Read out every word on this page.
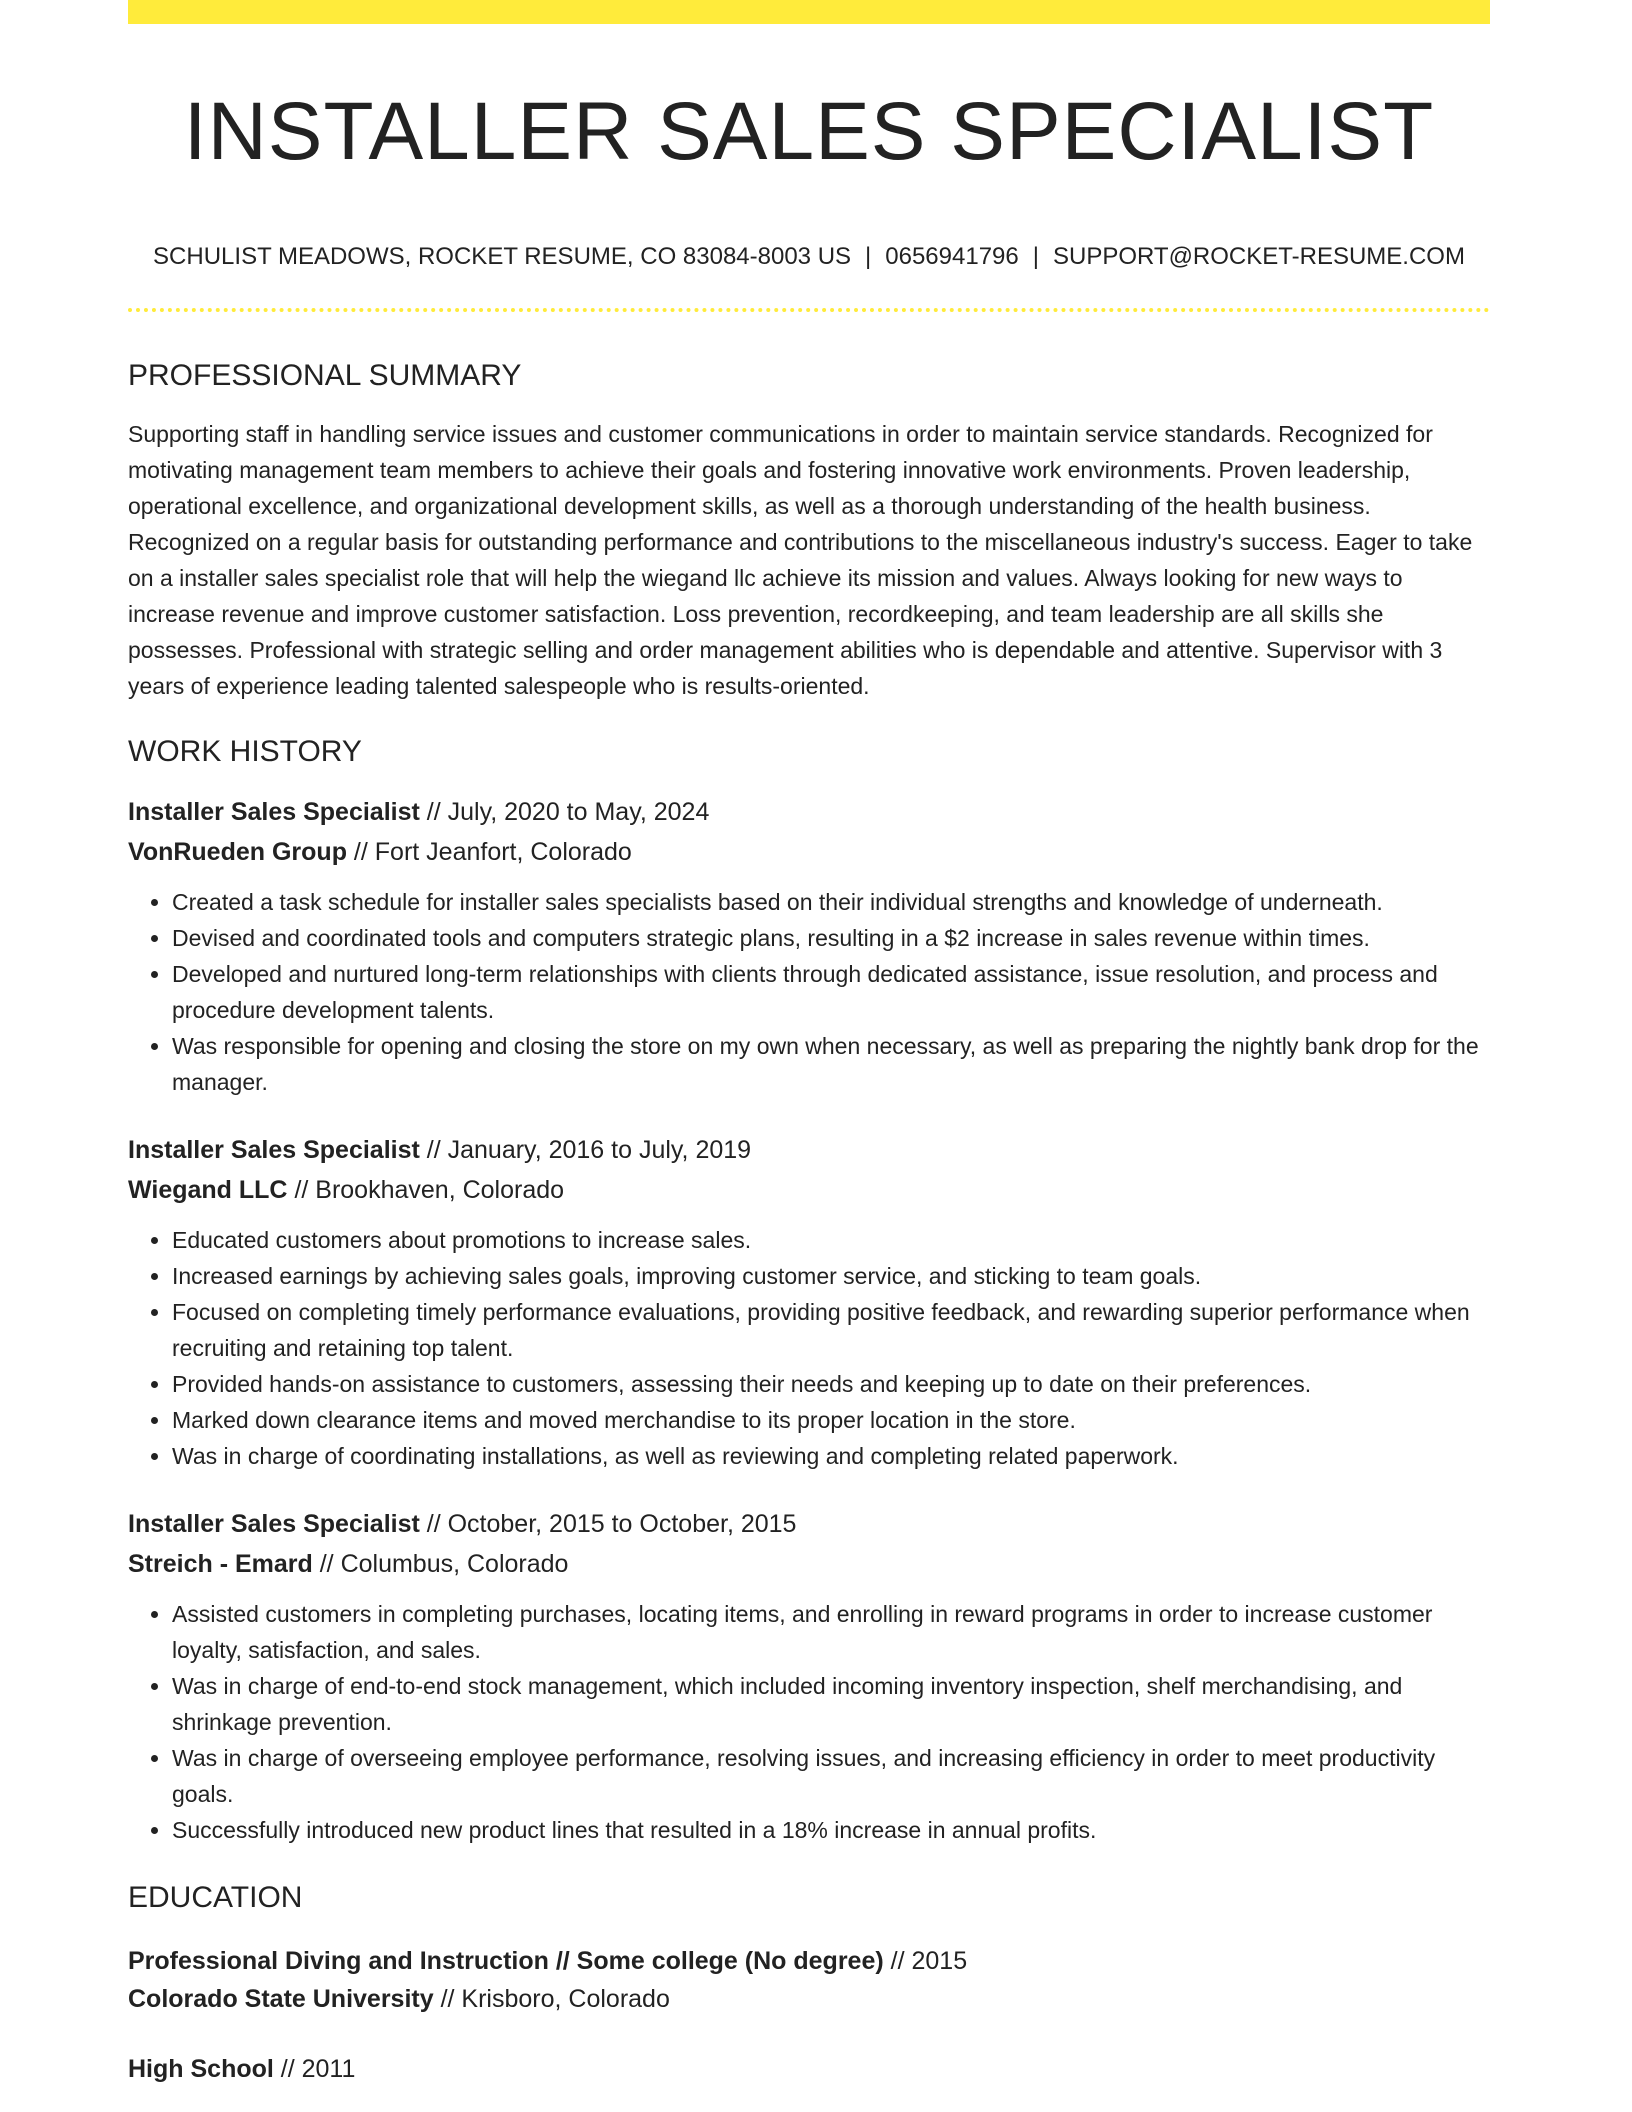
INSTALLER SALES SPECIALIST
SCHULIST MEADOWS, ROCKET RESUME, CO 83084-8003 US | 0656941796 | SUPPORT@ROCKET-RESUME.COM
PROFESSIONAL SUMMARY
Supporting staff in handling service issues and customer communications in order to maintain service standards. Recognized for motivating management team members to achieve their goals and fostering innovative work environments. Proven leadership, operational excellence, and organizational development skills, as well as a thorough understanding of the health business. Recognized on a regular basis for outstanding performance and contributions to the miscellaneous industry's success. Eager to take on a installer sales specialist role that will help the wiegand llc achieve its mission and values. Always looking for new ways to increase revenue and improve customer satisfaction. Loss prevention, recordkeeping, and team leadership are all skills she possesses. Professional with strategic selling and order management abilities who is dependable and attentive. Supervisor with 3 years of experience leading talented salespeople who is results-oriented.
WORK HISTORY
Installer Sales Specialist // July, 2020 to May, 2024
VonRueden Group // Fort Jeanfort, Colorado
• Created a task schedule for installer sales specialists based on their individual strengths and knowledge of underneath.
• Devised and coordinated tools and computers strategic plans, resulting in a $2 increase in sales revenue within times.
• Developed and nurtured long-term relationships with clients through dedicated assistance, issue resolution, and process and procedure development talents.
• Was responsible for opening and closing the store on my own when necessary, as well as preparing the nightly bank drop for the manager.
Installer Sales Specialist // January, 2016 to July, 2019
Wiegand LLC // Brookhaven, Colorado
• Educated customers about promotions to increase sales.
• Increased earnings by achieving sales goals, improving customer service, and sticking to team goals.
• Focused on completing timely performance evaluations, providing positive feedback, and rewarding superior performance when recruiting and retaining top talent.
• Provided hands-on assistance to customers, assessing their needs and keeping up to date on their preferences.
• Marked down clearance items and moved merchandise to its proper location in the store.
• Was in charge of coordinating installations, as well as reviewing and completing related paperwork.
Installer Sales Specialist // October, 2015 to October, 2015
Streich - Emard // Columbus, Colorado
• Assisted customers in completing purchases, locating items, and enrolling in reward programs in order to increase customer loyalty, satisfaction, and sales.
• Was in charge of end-to-end stock management, which included incoming inventory inspection, shelf merchandising, and shrinkage prevention.
• Was in charge of overseeing employee performance, resolving issues, and increasing efficiency in order to meet productivity goals.
• Successfully introduced new product lines that resulted in a 18% increase in annual profits.
EDUCATION
Professional Diving and Instruction // Some college (No degree) // 2015
Colorado State University // Krisboro, Colorado
High School // 2011
